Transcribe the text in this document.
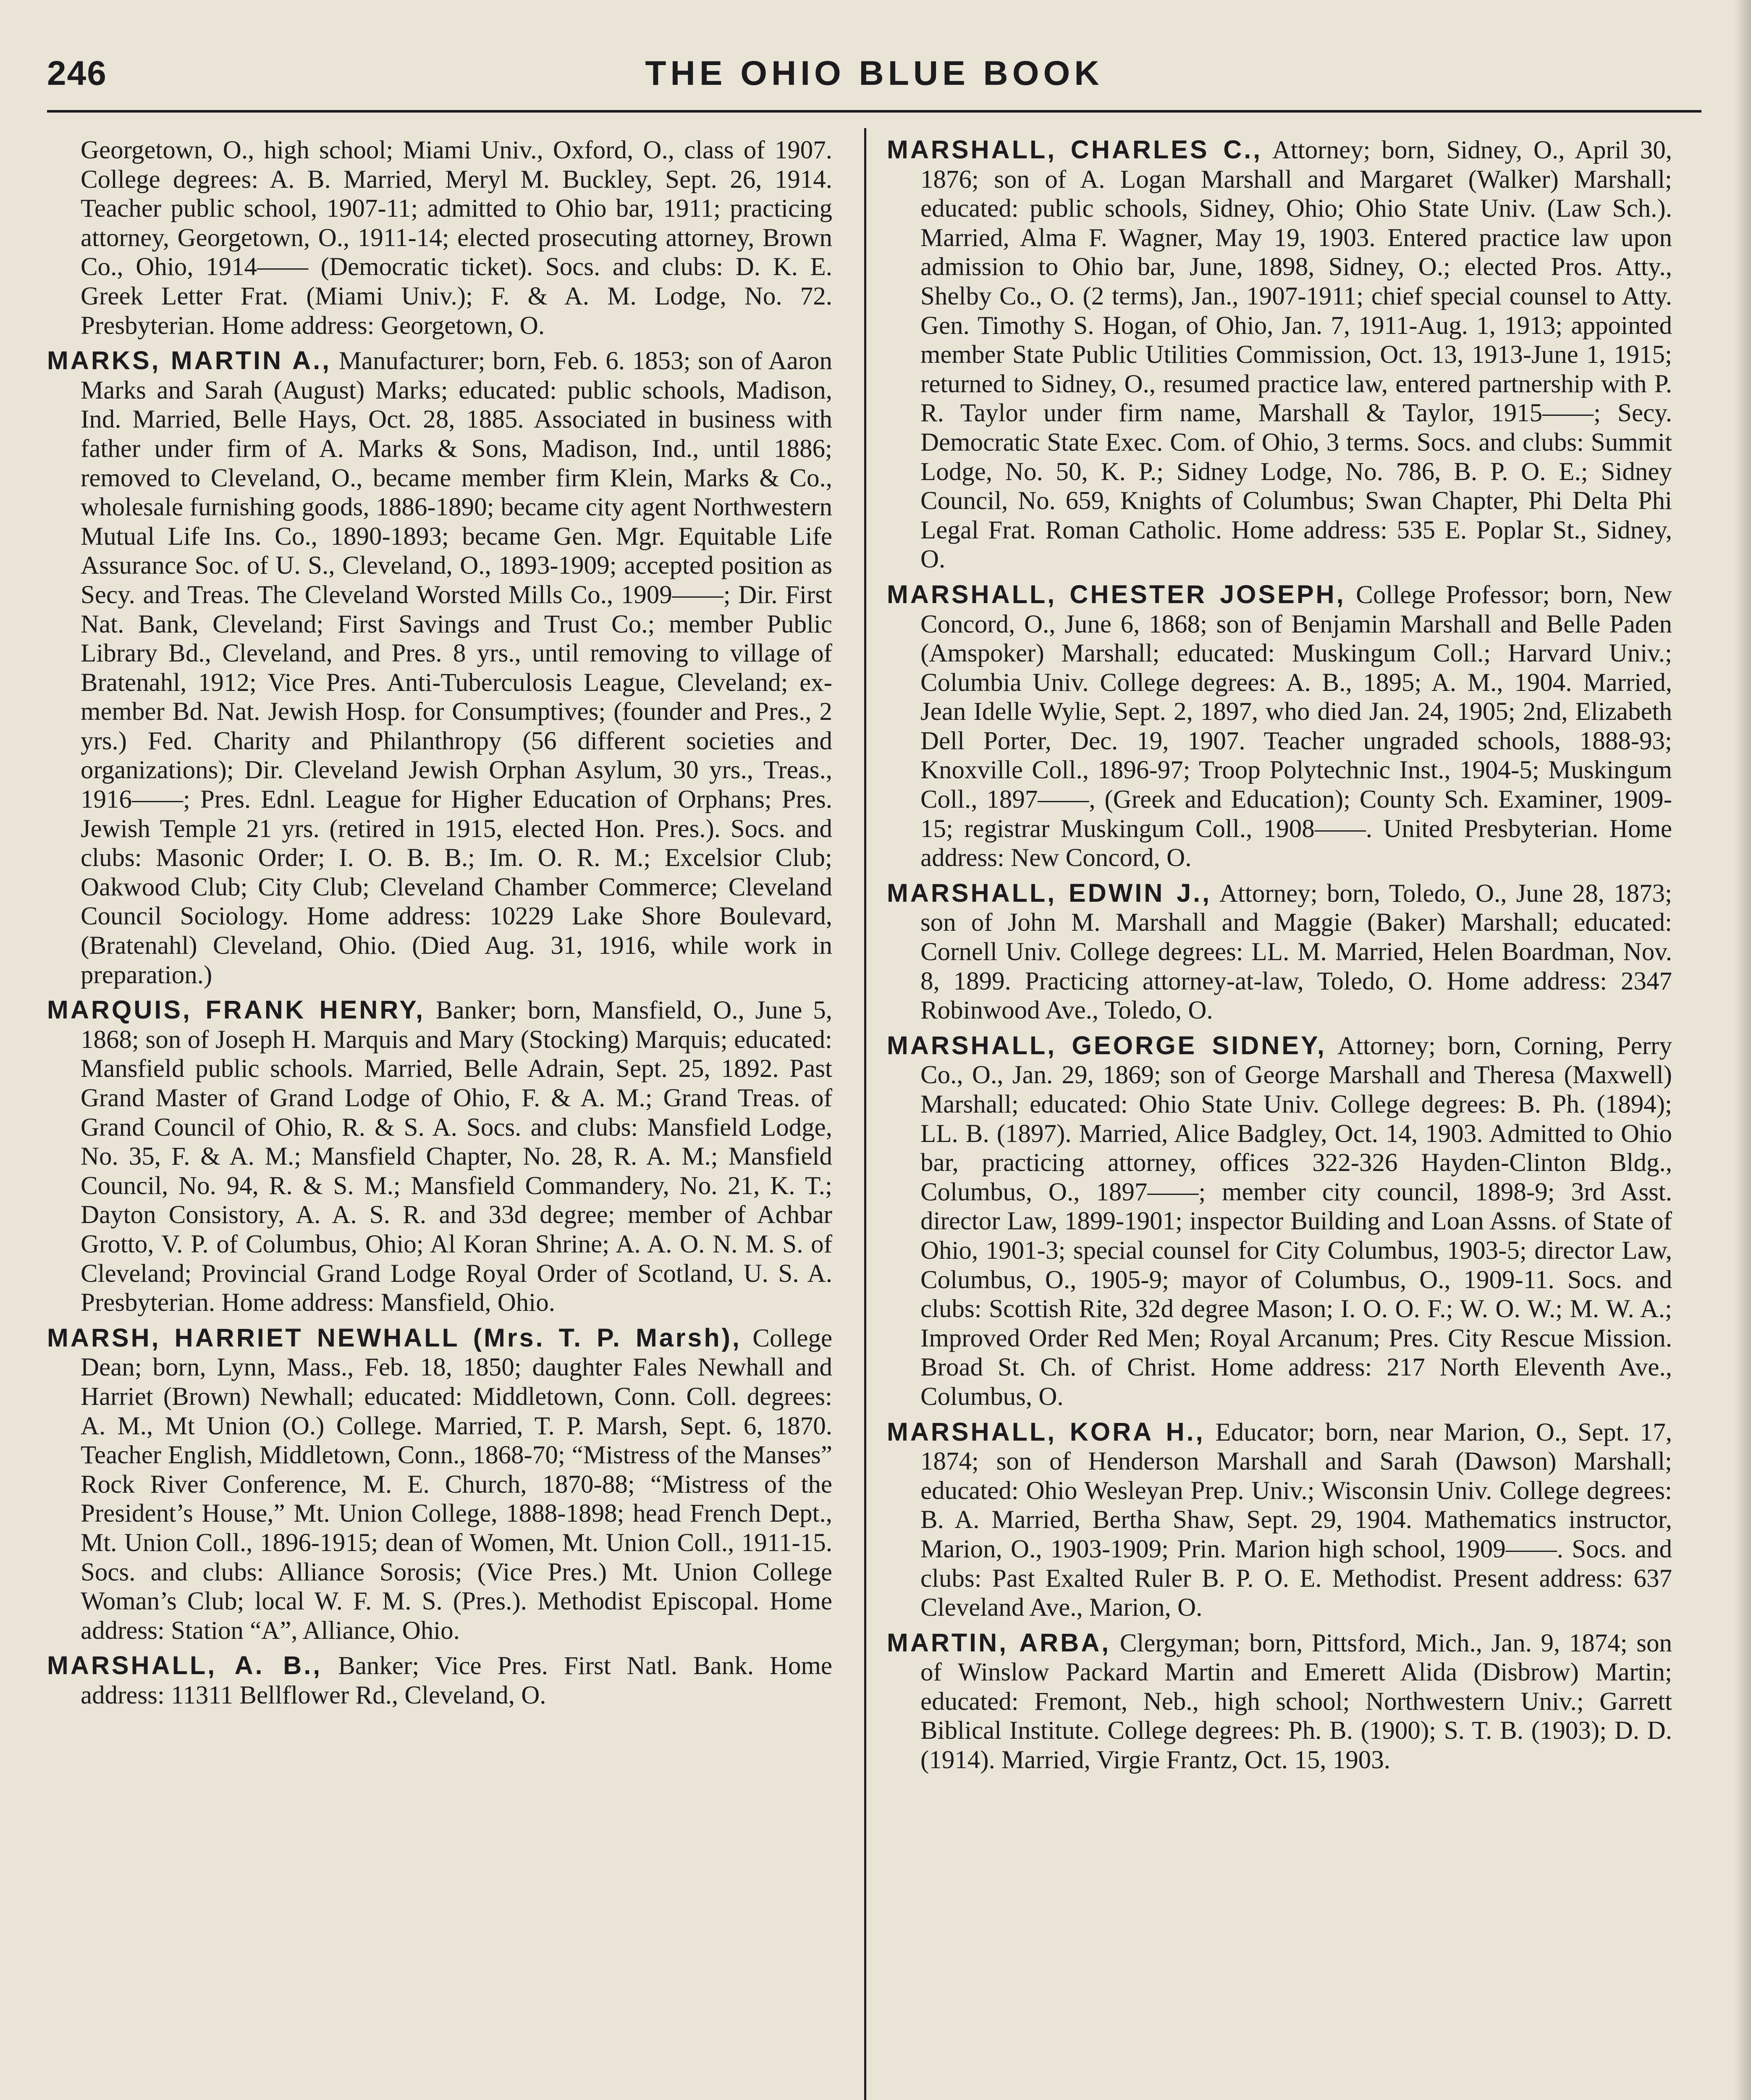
246	THE OHIO BLUE BOOK

Georgetown, O., high school; Miami Univ., Oxford, O., class of 1907. College degrees: A. B. Married, Meryl M. Buckley, Sept. 26, 1914. Teacher public school, 1907-11; admitted to Ohio bar, 1911; practicing attorney, Georgetown, O., 1911-14; elected prosecuting attorney, Brown Co., Ohio, 1914—— (Democratic ticket). Socs. and clubs: D. K. E. Greek Letter Frat. (Miami Univ.); F. & A. M. Lodge, No. 72. Presbyterian. Home address: Georgetown, O.

MARKS, MARTIN A., Manufacturer; born, Feb. 6. 1853; son of Aaron Marks and Sarah (August) Marks; educated: public schools, Madison, Ind. Married, Belle Hays, Oct. 28, 1885. Associated in business with father under firm of A. Marks & Sons, Madison, Ind., until 1886; removed to Cleveland, O., became member firm Klein, Marks & Co., wholesale furnishing goods, 1886-1890; became city agent Northwestern Mutual Life Ins. Co., 1890-1893; became Gen. Mgr. Equitable Life Assurance Soc. of U. S., Cleveland, O., 1893-1909; accepted position as Secy. and Treas. The Cleveland Worsted Mills Co., 1909——; Dir. First Nat. Bank, Cleveland; First Savings and Trust Co.; member Public Library Bd., Cleveland, and Pres. 8 yrs., until removing to village of Bratenahl, 1912; Vice Pres. Anti-Tuberculosis League, Cleveland; ex-member Bd. Nat. Jewish Hosp. for Consumptives; (founder and Pres., 2 yrs.) Fed. Charity and Philanthropy (56 different societies and organizations); Dir. Cleveland Jewish Orphan Asylum, 30 yrs., Treas., 1916——; Pres. Ednl. League for Higher Education of Orphans; Pres. Jewish Temple 21 yrs. (retired in 1915, elected Hon. Pres.). Socs. and clubs: Masonic Order; I. O. B. B.; Im. O. R. M.; Excelsior Club; Oakwood Club; City Club; Cleveland Chamber Commerce; Cleveland Council Sociology. Home address: 10229 Lake Shore Boulevard, (Bratenahl) Cleveland, Ohio. (Died Aug. 31, 1916, while work in preparation.)

MARQUIS, FRANK HENRY, Banker; born, Mansfield, O., June 5, 1868; son of Joseph H. Marquis and Mary (Stocking) Marquis; educated: Mansfield public schools. Married, Belle Adrain, Sept. 25, 1892. Past Grand Master of Grand Lodge of Ohio, F. & A. M.; Grand Treas. of Grand Council of Ohio, R. & S. A. Socs. and clubs: Mansfield Lodge, No. 35, F. & A. M.; Mansfield Chapter, No. 28, R. A. M.; Mansfield Council, No. 94, R. & S. M.; Mansfield Commandery, No. 21, K. T.; Dayton Consistory, A. A. S. R. and 33d degree; member of Achbar Grotto, V. P. of Columbus, Ohio; Al Koran Shrine; A. A. O. N. M. S. of Cleveland; Provincial Grand Lodge Royal Order of Scotland, U. S. A. Presbyterian. Home address: Mansfield, Ohio.

MARSH, HARRIET NEWHALL (Mrs. T. P. Marsh), College Dean; born, Lynn, Mass., Feb. 18, 1850; daughter Fales Newhall and Harriet (Brown) Newhall; educated: Middletown, Conn. Coll. degrees: A. M., Mt Union (O.) College. Married, T. P. Marsh, Sept. 6, 1870. Teacher English, Middletown, Conn., 1868-70; “Mistress of the Manses” Rock River Conference, M. E. Church, 1870-88; “Mistress of the President’s House,” Mt. Union College, 1888-1898; head French Dept., Mt. Union Coll., 1896-1915; dean of Women, Mt. Union Coll., 1911-15. Socs. and clubs: Alliance Sorosis; (Vice Pres.) Mt. Union College Woman’s Club; local W. F. M. S. (Pres.). Methodist Episcopal. Home address: Station “A”, Alliance, Ohio.

MARSHALL, A. B., Banker; Vice Pres. First Natl. Bank. Home address: 11311 Bellflower Rd., Cleveland, O.

MARSHALL, CHARLES C., Attorney; born, Sidney, O., April 30, 1876; son of A. Logan Marshall and Margaret (Walker) Marshall; educated: public schools, Sidney, Ohio; Ohio State Univ. (Law Sch.). Married, Alma F. Wagner, May 19, 1903. Entered practice law upon admission to Ohio bar, June, 1898, Sidney, O.; elected Pros. Atty., Shelby Co., O. (2 terms), Jan., 1907-1911; chief special counsel to Atty. Gen. Timothy S. Hogan, of Ohio, Jan. 7, 1911-Aug. 1, 1913; appointed member State Public Utilities Commission, Oct. 13, 1913-June 1, 1915; returned to Sidney, O., resumed practice law, entered partnership with P. R. Taylor under firm name, Marshall & Taylor, 1915——; Secy. Democratic State Exec. Com. of Ohio, 3 terms. Socs. and clubs: Summit Lodge, No. 50, K. P.; Sidney Lodge, No. 786, B. P. O. E.; Sidney Council, No. 659, Knights of Columbus; Swan Chapter, Phi Delta Phi Legal Frat. Roman Catholic. Home address: 535 E. Poplar St., Sidney, O.

MARSHALL, CHESTER JOSEPH, College Professor; born, New Concord, O., June 6, 1868; son of Benjamin Marshall and Belle Paden (Amspoker) Marshall; educated: Muskingum Coll.; Harvard Univ.; Columbia Univ. College degrees: A. B., 1895; A. M., 1904. Married, Jean Idelle Wylie, Sept. 2, 1897, who died Jan. 24, 1905; 2nd, Elizabeth Dell Porter, Dec. 19, 1907. Teacher ungraded schools, 1888-93; Knoxville Coll., 1896-97; Troop Polytechnic Inst., 1904-5; Muskingum Coll., 1897——, (Greek and Education); County Sch. Examiner, 1909-15; registrar Muskingum Coll., 1908——. United Presbyterian. Home address: New Concord, O.

MARSHALL, EDWIN J., Attorney; born, Toledo, O., June 28, 1873; son of John M. Marshall and Maggie (Baker) Marshall; educated: Cornell Univ. College degrees: LL. M. Married, Helen Boardman, Nov. 8, 1899. Practicing attorney-at-law, Toledo, O. Home address: 2347 Robinwood Ave., Toledo, O.

MARSHALL, GEORGE SIDNEY, Attorney; born, Corning, Perry Co., O., Jan. 29, 1869; son of George Marshall and Theresa (Maxwell) Marshall; educated: Ohio State Univ. College degrees: B. Ph. (1894); LL. B. (1897). Married, Alice Badgley, Oct. 14, 1903. Admitted to Ohio bar, practicing attorney, offices 322-326 Hayden-Clinton Bldg., Columbus, O., 1897——; member city council, 1898-9; 3rd Asst. director Law, 1899-1901; inspector Building and Loan Assns. of State of Ohio, 1901-3; special counsel for City Columbus, 1903-5; director Law, Columbus, O., 1905-9; mayor of Columbus, O., 1909-11. Socs. and clubs: Scottish Rite, 32d degree Mason; I. O. O. F.; W. O. W.; M. W. A.; Improved Order Red Men; Royal Arcanum; Pres. City Rescue Mission. Broad St. Ch. of Christ. Home address: 217 North Eleventh Ave., Columbus, O.

MARSHALL, KORA H., Educator; born, near Marion, O., Sept. 17, 1874; son of Henderson Marshall and Sarah (Dawson) Marshall; educated: Ohio Wesleyan Prep. Univ.; Wisconsin Univ. College degrees: B. A. Married, Bertha Shaw, Sept. 29, 1904. Mathematics instructor, Marion, O., 1903-1909; Prin. Marion high school, 1909——. Socs. and clubs: Past Exalted Ruler B. P. O. E. Methodist. Present address: 637 Cleveland Ave., Marion, O.

MARTIN, ARBA, Clergyman; born, Pittsford, Mich., Jan. 9, 1874; son of Winslow Packard Martin and Emerett Alida (Disbrow) Martin; educated: Fremont, Neb., high school; Northwestern Univ.; Garrett Biblical Institute. College degrees: Ph. B. (1900); S. T. B. (1903); D. D. (1914). Married, Virgie Frantz, Oct. 15, 1903.
